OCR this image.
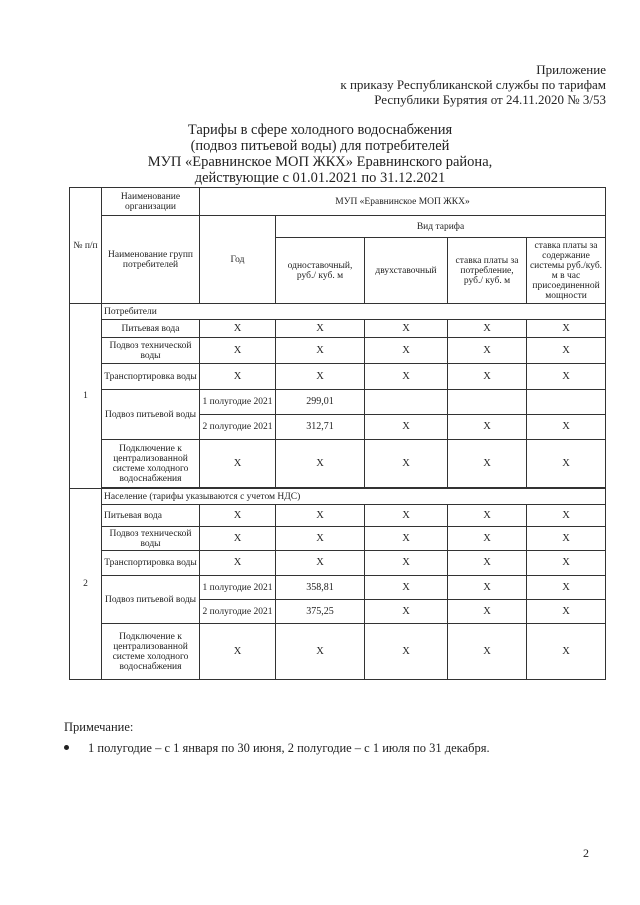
Приложение
к приказу Республиканской службы по тарифам
Республики Бурятия от 24.11.2020 № 3/53
Тарифы в сфере холодного водоснабжения
(подвоз питьевой воды) для потребителей
МУП «Еравнинское МОП ЖКХ» Еравнинского района,
действующие с 01.01.2021 по 31.12.2021
№ п/п	Наименование организации	МУП «Еравнинское МОП ЖКХ»				
	Наименование групп потребителей	Год	Вид тарифа			
			одноставочный, руб./ куб. м	двухставочный	ставка платы за потребление, руб./ куб. м	ставка платы за содержание системы руб./куб. м в час присоединенной мощности
1	Потребители					
	Питьевая вода	X	X	X	X	X
	Подвоз технической воды	X	X	X	X	X
	Транспортировка воды	X	X	X	X	X
	Подвоз питьевой воды	1 полугодие 2021	299,01			
		2 полугодие 2021	312,71	X	X	X
	Подключение к централизованной системе холодного водоснабжения	X	X	X	X	X

2	Население (тарифы указываются с учетом НДС)					
	Питьевая вода	X	X	X	X	X
	Подвоз технической воды	X	X	X	X	X
	Транспортировка воды	X	X	X	X	X
	Подвоз питьевой воды	1 полугодие 2021	358,81	X	X	X
		2 полугодие 2021	375,25	X	X	X
	Подключение к централизованной системе холодного водоснабжения	X	X	X	X	X
Примечание:
1 полугодие – с 1 января по 30 июня, 2 полугодие – с 1 июля по 31 декабря.
2
